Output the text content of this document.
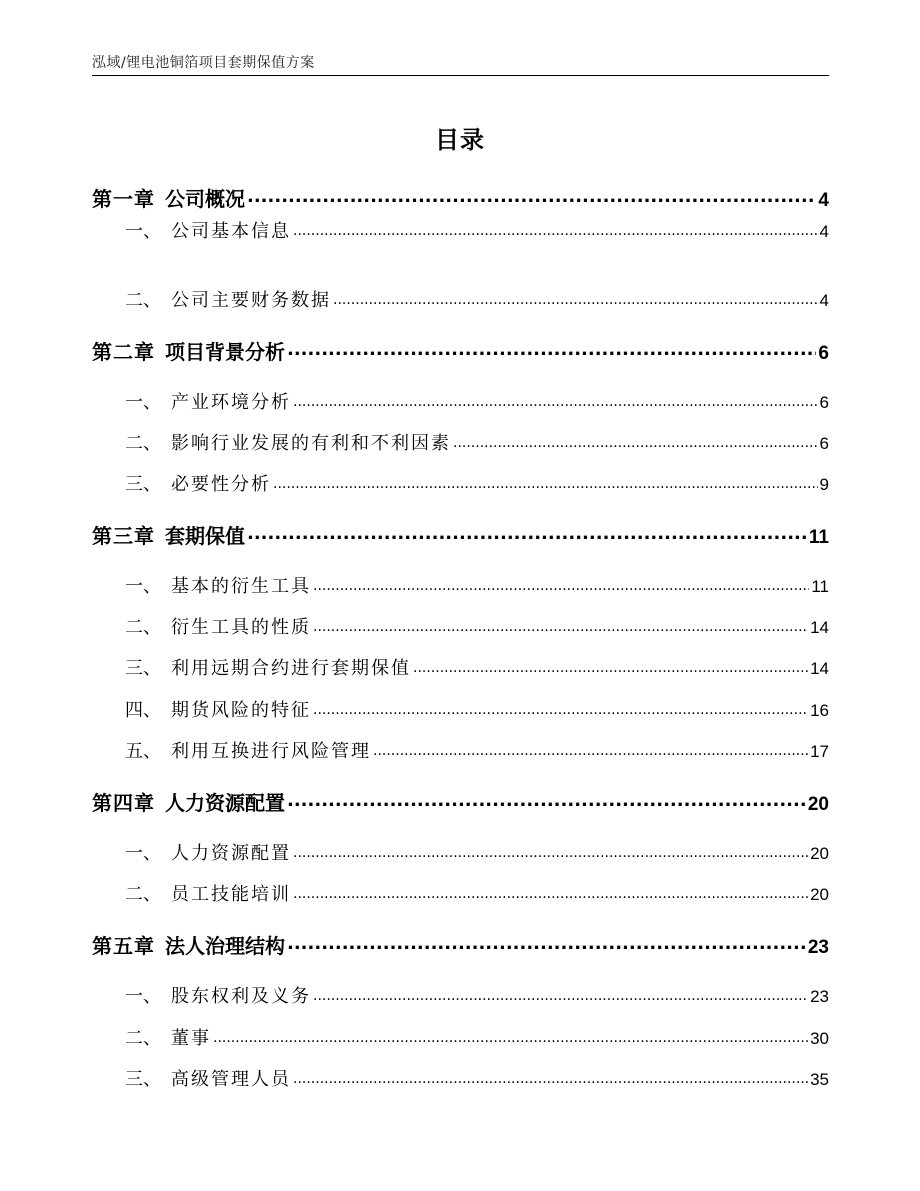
泓域/锂电池铜箔项目套期保值方案
目录
第一章 公司概况 .....	4
一、 公司基本信息 .....	4
二、 公司主要财务数据 .....	4
第二章 项目背景分析 .....	6
一、 产业环境分析 .....	6
二、 影响行业发展的有利和不利因素 .....	6
三、 必要性分析 .....	9
第三章 套期保值 .....	11
一、 基本的衍生工具 .....	11
二、 衍生工具的性质 .....	14
三、 利用远期合约进行套期保值 .....	14
四、 期货风险的特征 .....	16
五、 利用互换进行风险管理 .....	17
第四章 人力资源配置 .....	20
一、 人力资源配置 .....	20
二、 员工技能培训 .....	20
第五章 法人治理结构 .....	23
一、 股东权利及义务 .....	23
二、 董事 .....	30
三、 高级管理人员 .....	35
